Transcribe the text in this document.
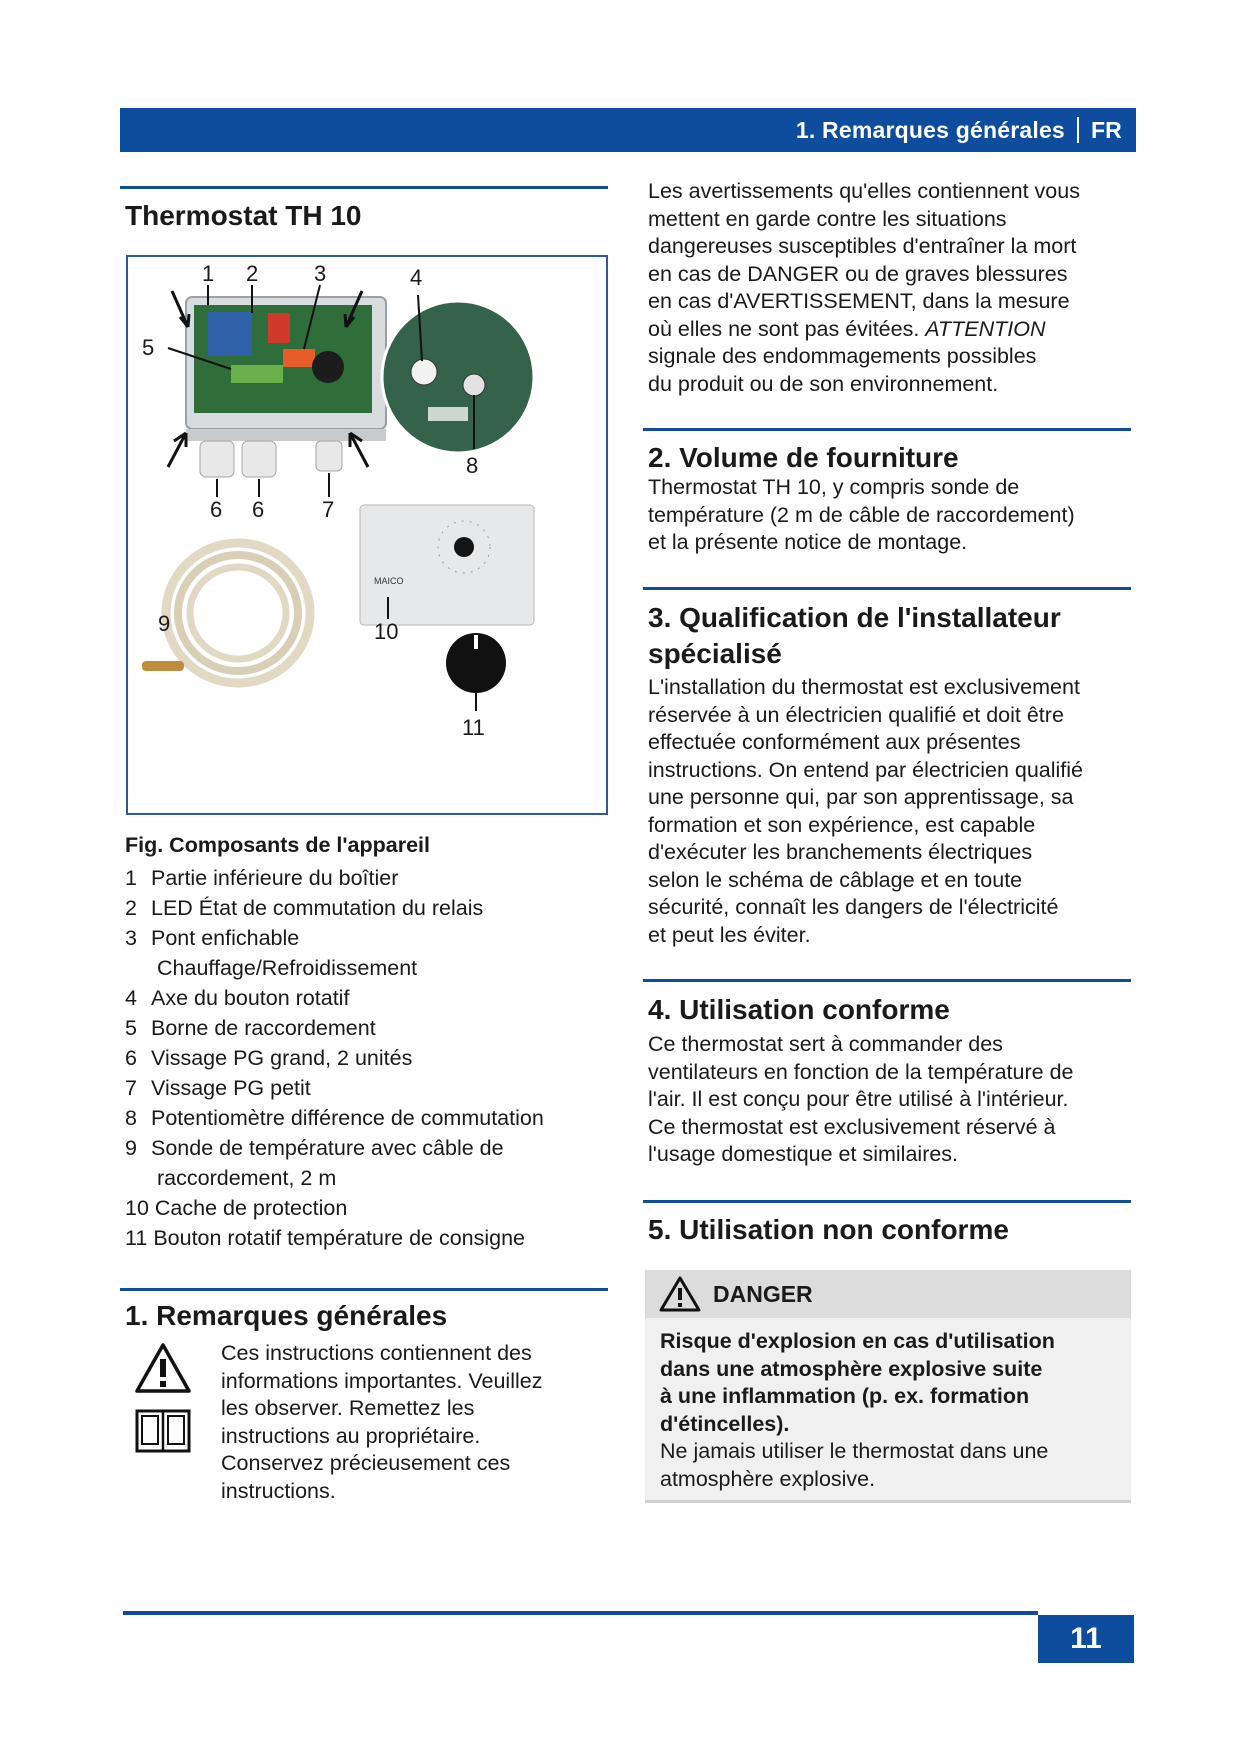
1. Remarques générales FR
Thermostat TH 10
MAICO
1 2	3	4
5
6 6	7
8
9	10
11
Fig. Composants de l'appareil
1 Partie inférieure du boîtier
2 LED État de commutation du relais
3 Pont enfichable
Chauffage/Refroidissement
4 Axe du bouton rotatif
5 Borne de raccordement
6 Vissage PG grand, 2 unités
7 Vissage PG petit
8 Potentiomètre différence de commutation
9 Sonde de température avec câble de
raccordement, 2 m
10 Cache de protection
11 Bouton rotatif température de consigne
1. Remarques générales
Ces instructions contiennent des
informations importantes. Veuillez
les observer. Remettez les
instructions au propriétaire.
Conservez précieusement ces
instructions.
Les avertissements qu'elles contiennent vous
mettent en garde contre les situations
dangereuses susceptibles d'entraîner la mort
en cas de DANGER ou de graves blessures
en cas d'AVERTISSEMENT, dans la mesure
où elles ne sont pas évitées. ATTENTION
signale des endommagements possibles
du produit ou de son environnement.
2. Volume de fourniture
Thermostat TH 10, y compris sonde de
température (2 m de câble de raccordement)
et la présente notice de montage.
3. Qualification de l'installateur
spécialisé
L'installation du thermostat est exclusivement
réservée à un électricien qualifié et doit être
effectuée conformément aux présentes
instructions. On entend par électricien qualifié
une personne qui, par son apprentissage, sa
formation et son expérience, est capable
d'exécuter les branchements électriques
selon le schéma de câblage et en toute
sécurité, connaît les dangers de l'électricité
et peut les éviter.
4. Utilisation conforme
Ce thermostat sert à commander des
ventilateurs en fonction de la température de
l'air. Il est conçu pour être utilisé à l'intérieur.
Ce thermostat est exclusivement réservé à
l'usage domestique et similaires.
5. Utilisation non conforme
DANGER
Risque d'explosion en cas d'utilisation
dans une atmosphère explosive suite
à une inflammation (p. ex. formation
d'étincelles).
Ne jamais utiliser le thermostat dans une
atmosphère explosive.
11
